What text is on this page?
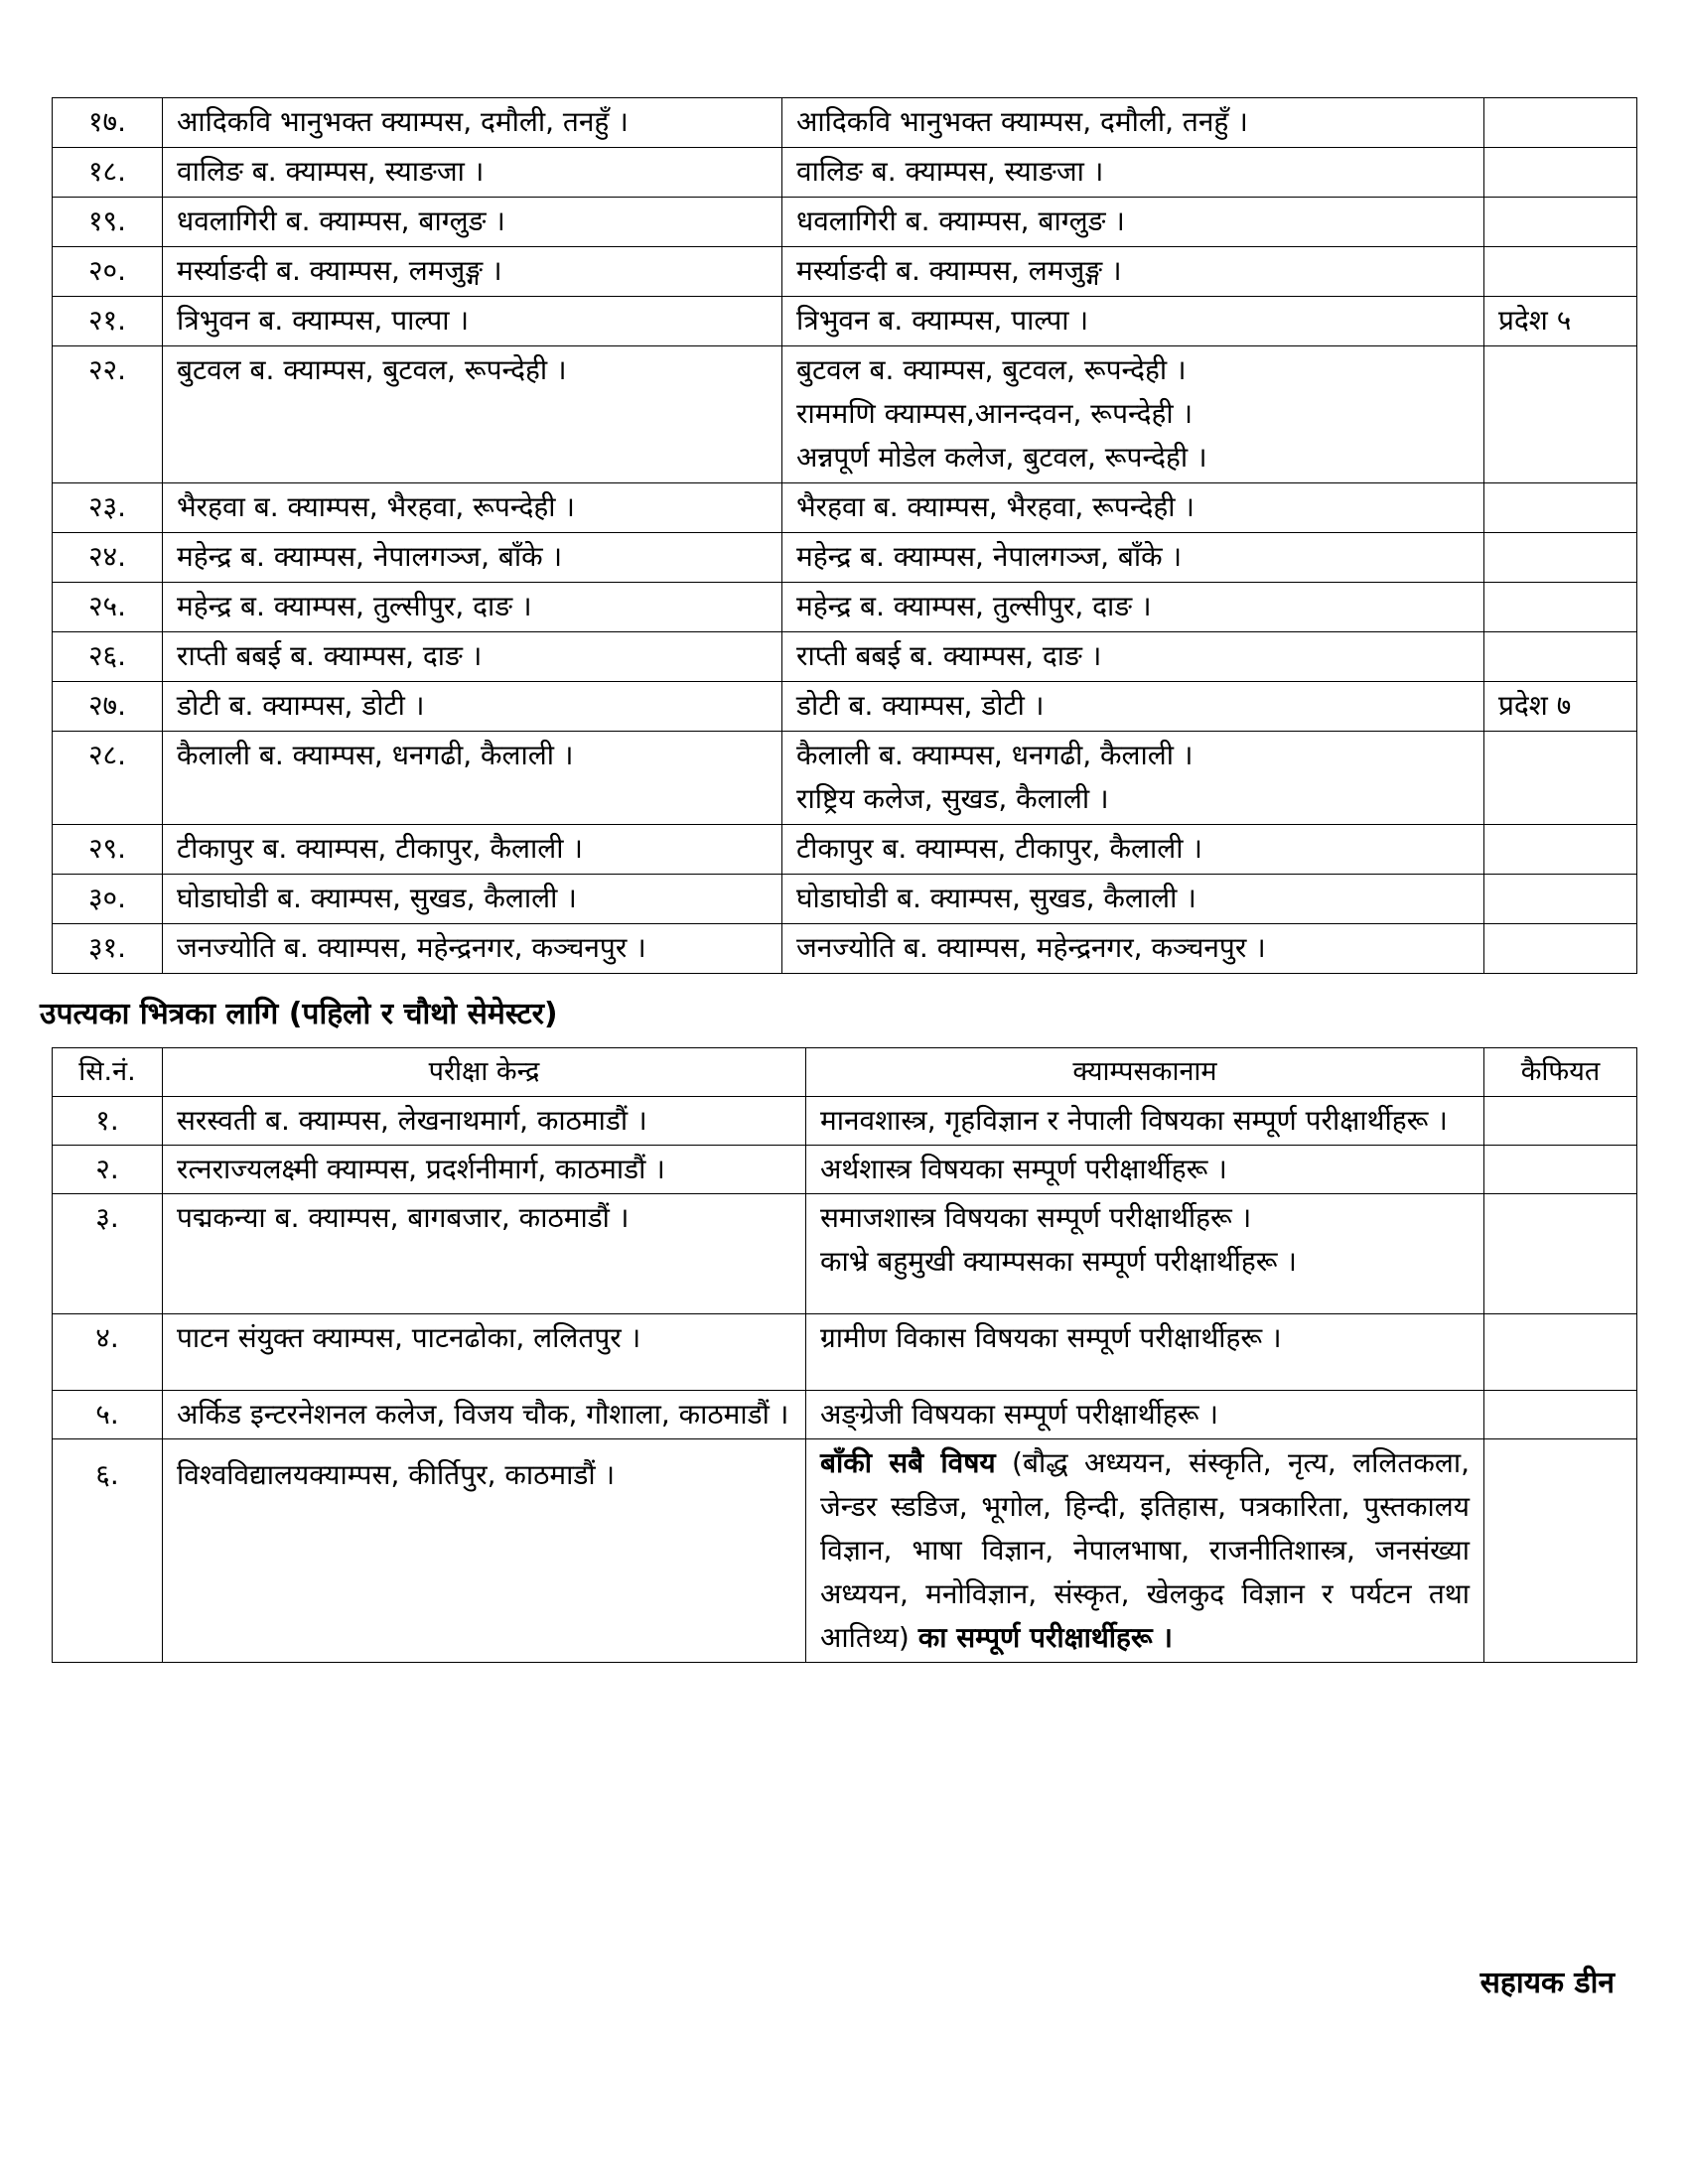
१७.	आदिकवि भानुभक्त क्याम्पस, दमौली, तनहुँ ।	आदिकवि भानुभक्त क्याम्पस, दमौली, तनहुँ ।	

१८.	वालिङ ब. क्याम्पस, स्याङजा ।	वालिङ ब. क्याम्पस, स्याङजा ।	

१९.	धवलागिरी ब. क्याम्पस, बाग्लुङ ।	धवलागिरी ब. क्याम्पस, बाग्लुङ ।	

२०.	मर्स्याङदी ब. क्याम्पस, लमजुङ्ग ।	मर्स्याङदी ब. क्याम्पस, लमजुङ्ग ।	

२१.	त्रिभुवन ब. क्याम्पस, पाल्पा ।	त्रिभुवन ब. क्याम्पस, पाल्पा ।	प्रदेश ५
२२.	बुटवल ब. क्याम्पस, बुटवल, रूपन्देही ।	बुटवल ब. क्याम्पस, बुटवल, रूपन्देही ।
राममणि क्याम्पस,आनन्दवन, रूपन्देही ।
अन्नपूर्ण मोडेल कलेज, बुटवल, रूपन्देही ।	

२३.	भैरहवा ब. क्याम्पस, भैरहवा, रूपन्देही ।	भैरहवा ब. क्याम्पस, भैरहवा, रूपन्देही ।	

२४.	महेन्द्र ब. क्याम्पस, नेपालगञ्ज, बाँके ।	महेन्द्र ब. क्याम्पस, नेपालगञ्ज, बाँके ।	

२५.	महेन्द्र ब. क्याम्पस, तुल्सीपुर, दाङ ।	महेन्द्र ब. क्याम्पस, तुल्सीपुर, दाङ ।	

२६.	राप्ती बबई ब. क्याम्पस, दाङ ।	राप्ती बबई ब. क्याम्पस, दाङ ।	

२७.	डोटी ब. क्याम्पस, डोटी ।	डोटी ब. क्याम्पस, डोटी ।	प्रदेश ७
२८.	कैलाली ब. क्याम्पस, धनगढी, कैलाली ।	कैलाली ब. क्याम्पस, धनगढी, कैलाली ।
राष्ट्रिय कलेज, सुखड, कैलाली ।	

२९.	टीकापुर ब. क्याम्पस, टीकापुर, कैलाली ।	टीकापुर ब. क्याम्पस, टीकापुर, कैलाली ।	

३०.	घोडाघोडी ब. क्याम्पस, सुखड, कैलाली ।	घोडाघोडी ब. क्याम्पस, सुखड, कैलाली ।	

३१.	जनज्योति ब. क्याम्पस, महेन्द्रनगर, कञ्चनपुर ।	जनज्योति ब. क्याम्पस, महेन्द्रनगर, कञ्चनपुर ।	

उपत्यका भित्रका लागि (पहिलो र चौथो सेमेस्टर)
सि.नं.	परीक्षा केन्द्र	क्याम्पसकानाम	कैफियत
१.	सरस्वती ब. क्याम्पस, लेखनाथमार्ग, काठमाडौं ।	मानवशास्त्र, गृहविज्ञान र नेपाली विषयका सम्पूर्ण परीक्षार्थीहरू ।	

२.	रत्नराज्यलक्ष्मी क्याम्पस, प्रदर्शनीमार्ग, काठमाडौं ।	अर्थशास्त्र विषयका सम्पूर्ण परीक्षार्थीहरू ।	

३.	पद्मकन्या ब. क्याम्पस, बागबजार, काठमाडौं ।	समाजशास्त्र विषयका सम्पूर्ण परीक्षार्थीहरू ।
काभ्रे बहुमुखी क्याम्पसका सम्पूर्ण परीक्षार्थीहरू ।	

४.	पाटन संयुक्त क्याम्पस, पाटनढोका, ललितपुर ।	ग्रामीण विकास विषयका सम्पूर्ण परीक्षार्थीहरू ।	

५.	अर्किड इन्टरनेशनल कलेज, विजय चौक, गौशाला, काठमाडौं ।	अङ्ग्रेजी विषयका सम्पूर्ण परीक्षार्थीहरू ।	

६.	विश्वविद्यालयक्याम्पस, कीर्तिपुर, काठमाडौं ।	बाँकी सबै विषय (बौद्ध अध्ययन, संस्कृति, नृत्य, ललितकला, जेन्डर स्डडिज, भूगोल, हिन्दी, इतिहास, पत्रकारिता, पुस्तकालय विज्ञान, भाषा विज्ञान, नेपालभाषा, राजनीतिशास्त्र, जनसंख्या अध्ययन, मनोविज्ञान, संस्कृत, खेलकुद विज्ञान र पर्यटन तथा आतिथ्य) का सम्पूर्ण परीक्षार्थीहरू ।	
सहायक डीन
